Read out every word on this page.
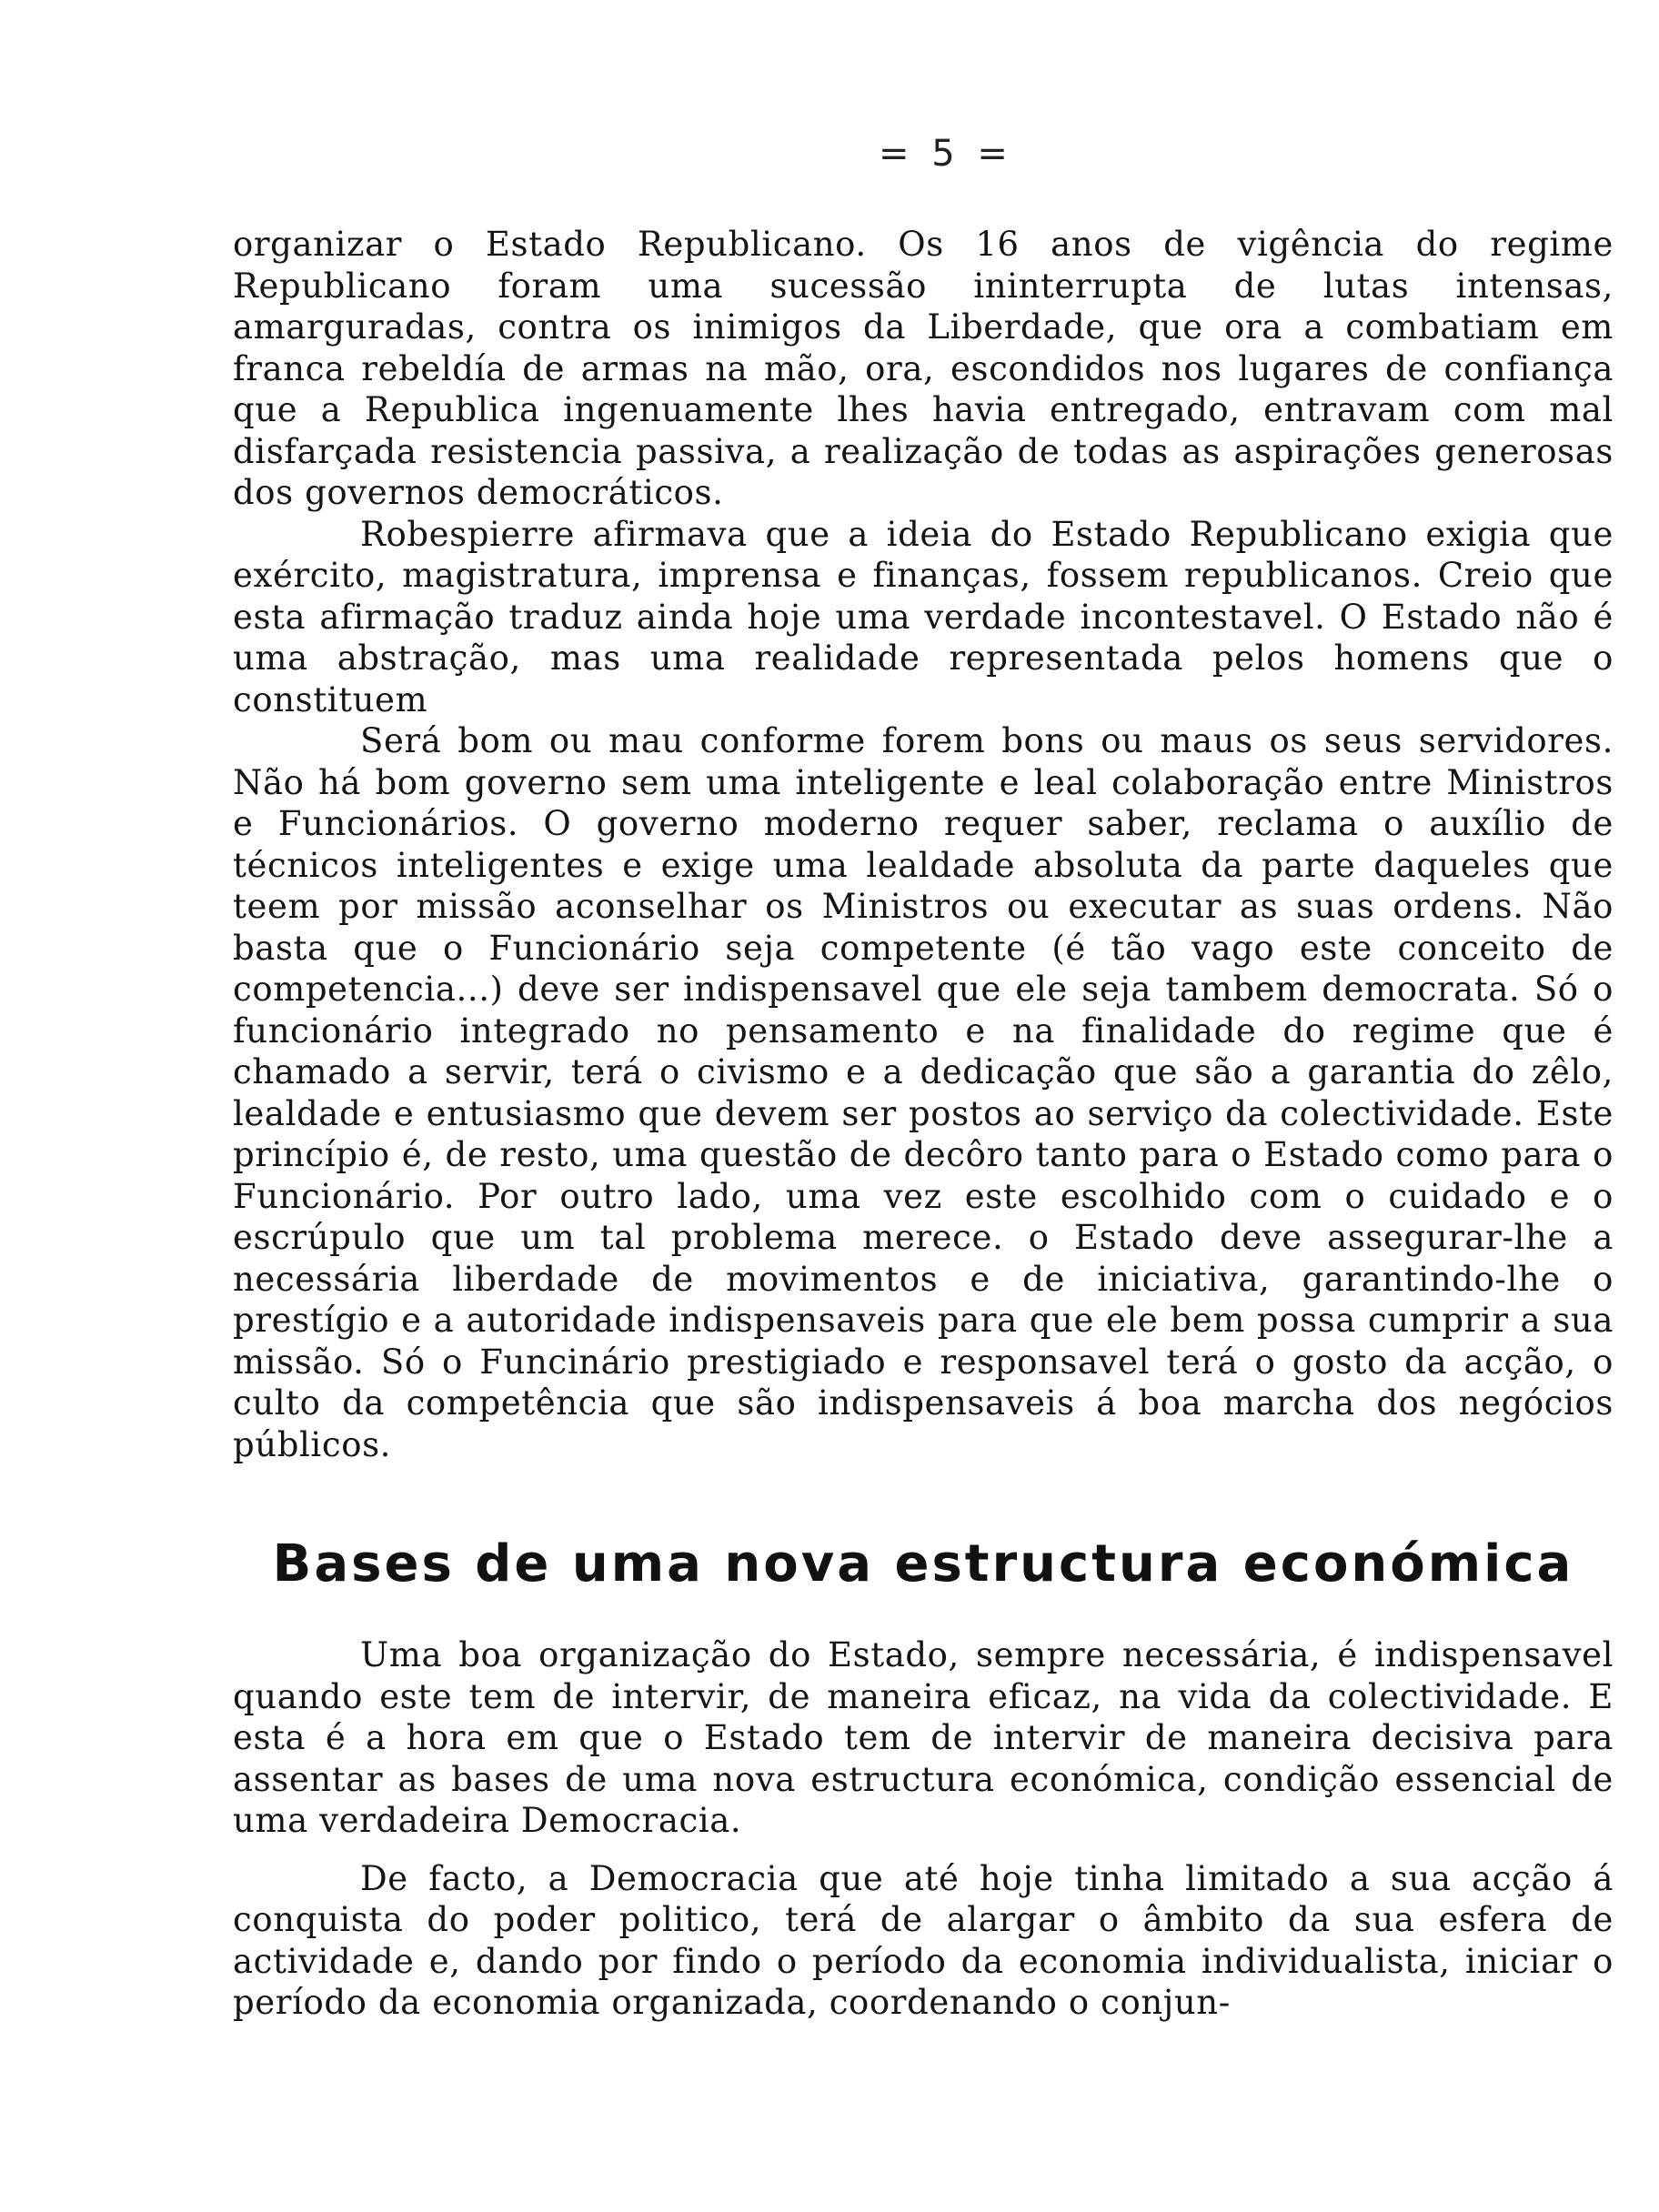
= 5 =

organizar o Estado Republicano. Os 16 anos de vigência do regime Republicano foram uma sucessão ininterrupta de lutas intensas, amarguradas, contra os inimigos da Liberdade, que ora a combatiam em franca rebeldía de armas na mão, ora, escondidos nos lugares de confiança que a Republica ingenuamente lhes havia entregado, entravam com mal disfarçada resistencia passiva, a realização de todas as aspirações generosas dos governos democráticos.

Robespierre afirmava que a ideia do Estado Republicano exigia que exército, magistratura, imprensa e finanças, fossem republicanos. Creio que esta afirmação traduz ainda hoje uma verdade incontestavel. O Estado não é uma abstração, mas uma realidade representada pelos homens que o constituem

Será bom ou mau conforme forem bons ou maus os seus servidores. Não há bom governo sem uma inteligente e leal colaboração entre Ministros e Funcionários. O governo moderno requer saber, reclama o auxílio de técnicos inteligentes e exige uma lealdade absoluta da parte daqueles que teem por missão aconselhar os Ministros ou executar as suas ordens. Não basta que o Funcionário seja competente (é tão vago este conceito de competencia...) deve ser indispensavel que ele seja tambem democrata. Só o funcionário integrado no pensamento e na finalidade do regime que é chamado a servir, terá o civismo e a dedicação que são a garantia do zêlo, lealdade e entusiasmo que devem ser postos ao serviço da colectividade. Este princípio é, de resto, uma questão de decôro tanto para o Estado como para o Funcionário. Por outro lado, uma vez este escolhido com o cuidado e o escrúpulo que um tal problema merece. o Estado deve assegurar-lhe a necessária liberdade de movimentos e de iniciativa, garantindo-lhe o prestígio e a autoridade indispensaveis para que ele bem possa cumprir a sua missão. Só o Funcinário prestigiado e responsavel terá o gosto da acção, o culto da competência que são indispensaveis á boa marcha dos negócios públicos.

Bases de uma nova estructura económica

Uma boa organização do Estado, sempre necessária, é indispensavel quando este tem de intervir, de maneira eficaz, na vida da colectividade. E esta é a hora em que o Estado tem de intervir de maneira decisiva para assentar as bases de uma nova estructura económica, condição essencial de uma verdadeira Democracia.

De facto, a Democracia que até hoje tinha limitado a sua acção á conquista do poder politico, terá de alargar o âmbito da sua esfera de actividade e, dando por findo o período da economia individualista, iniciar o período da economia organizada, coordenando o conjun-
